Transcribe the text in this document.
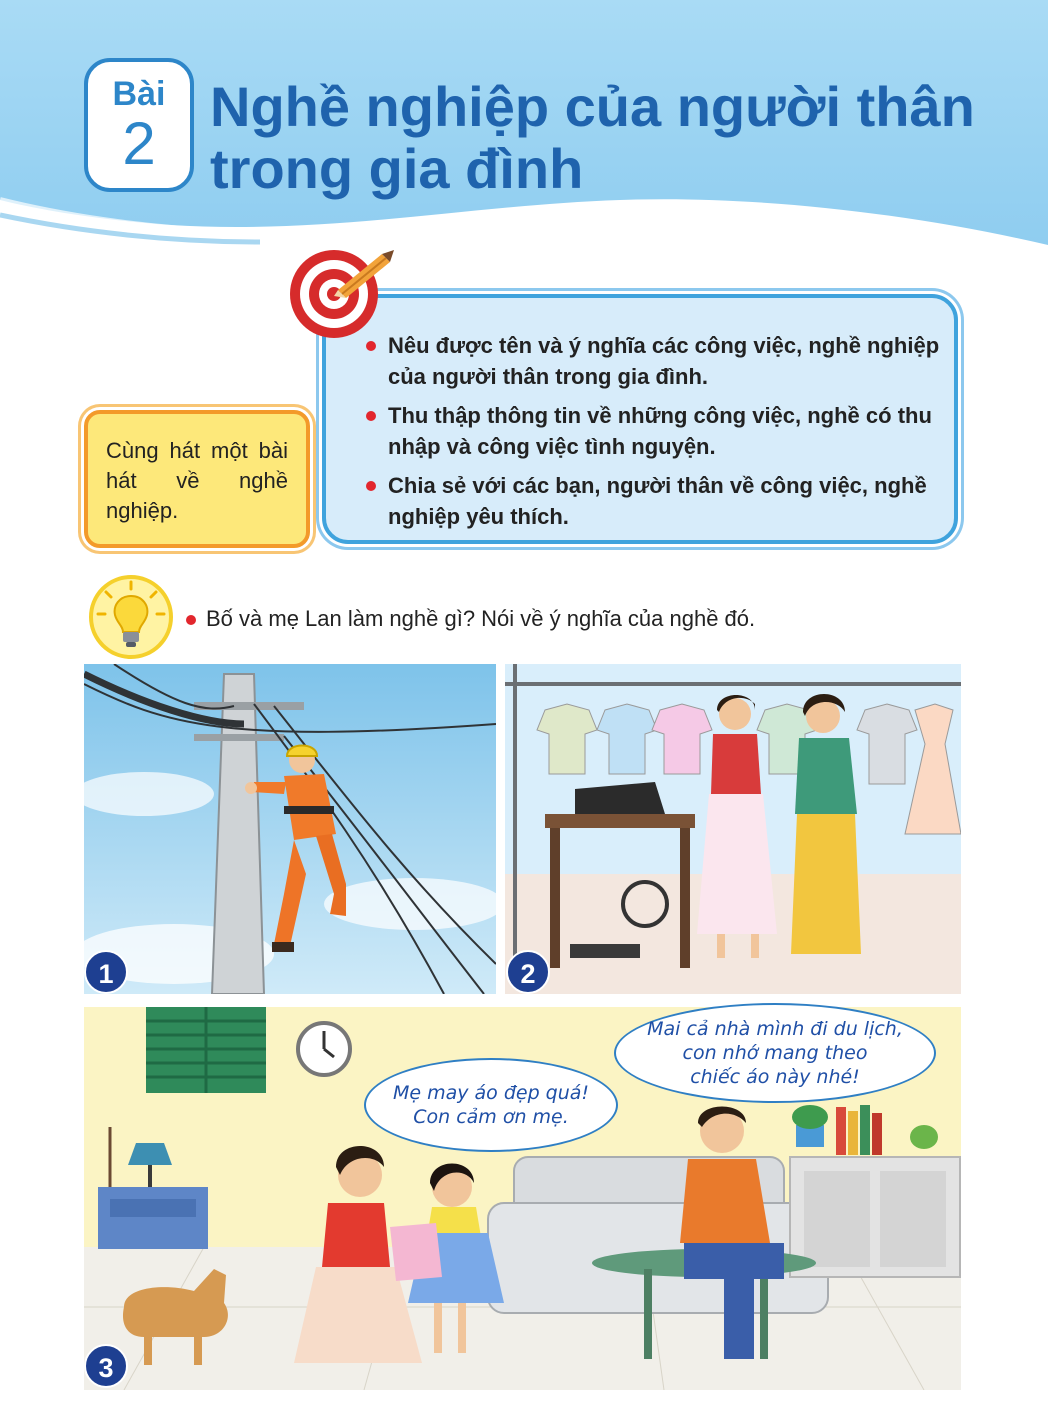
Bài
2
Nghề nghiệp của người thân
trong gia đình
Nêu được tên và ý nghĩa các công việc, nghề nghiệp của người thân trong gia đình.
Thu thập thông tin về những công việc, nghề có thu nhập và công việc tình nguyện.
Chia sẻ với các bạn, người thân về công việc, nghề nghiệp yêu thích.
Cùng hát một bài hát về nghề nghiệp.
Bố và mẹ Lan làm nghề gì? Nói về ý nghĩa của nghề đó.
1	2
3
Mẹ may áo đẹp quá!
Con cảm ơn mẹ.
Mai cả nhà mình đi du lịch,
con nhớ mang theo
chiếc áo này nhé!
